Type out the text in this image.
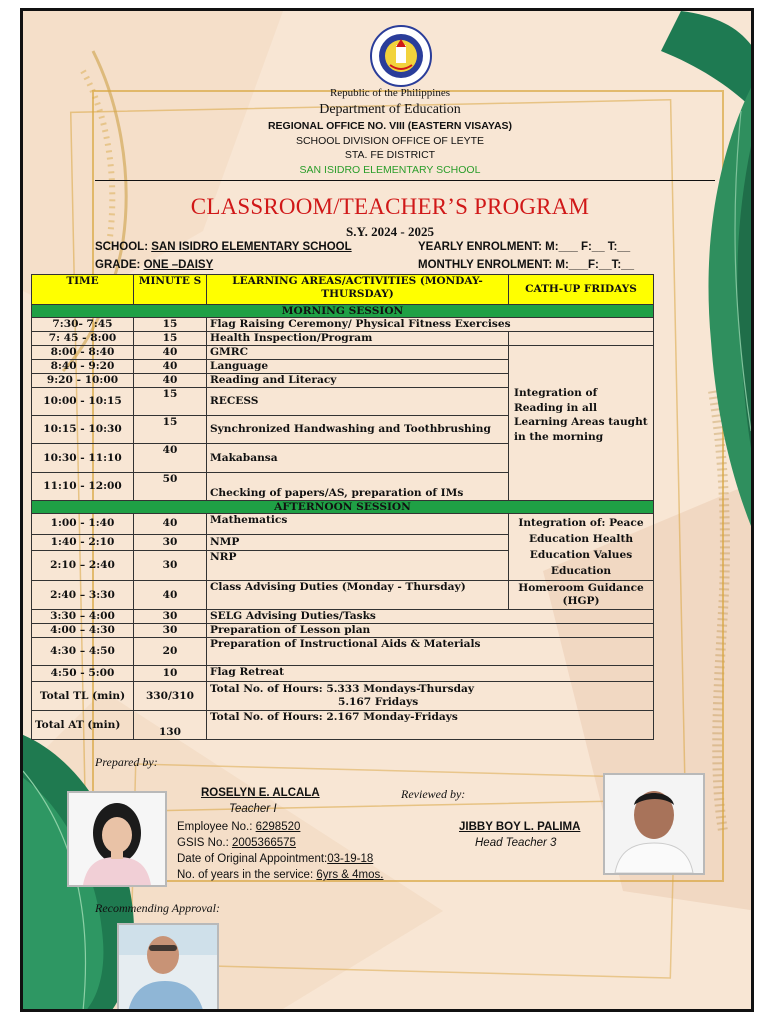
Republic of the Philippines
Department of Education
REGIONAL OFFICE NO. VIII (EASTERN VISAYAS)
SCHOOL DIVISION OFFICE OF LEYTE
STA. FE DISTRICT
SAN ISIDRO ELEMENTARY SCHOOL
CLASSROOM/TEACHER’S PROGRAM
S.Y. 2024 - 2025
SCHOOL: SAN ISIDRO ELEMENTARY SCHOOL	YEARLY ENROLMENT: M:___ F:__ T:__
GRADE: ONE –DAISY	MONTHLY ENROLMENT: M:___F:__T:__
TIME	MINUTE S	LEARNING AREAS/ACTIVITIES (MONDAY-THURSDAY)	CATH-UP FRIDAYS
MORNING SESSION			
7:30- 7:45	15	Flag Raising Ceremony/ Physical Fitness Exercises	
7: 45 - 8:00	15	Health Inspection/Program	
8:00 - 8:40	40	GMRC	Integration of Reading in all Learning Areas taught in the morning
8:40 - 9:20	40	Language	
9:20 - 10:00	40	Reading and Literacy	
10:00 - 10:15	15	RECESS	
10:15 - 10:30	15	Synchronized Handwashing and Toothbrushing	
10:30 - 11:10	40	Makabansa	
11:10 - 12:00	50	Checking of papers/AS, preparation of IMs	
AFTERNOON SESSION			
1:00 - 1:40	40	Mathematics	Integration of: Peace Education Health Education Values Education
1:40 - 2:10	30	NMP	
2:10 – 2:40	30	NRP	
2:40 – 3:30	40	Class Advising Duties (Monday - Thursday)	Homeroom Guidance (HGP)
3:30 – 4:00	30	SELG Advising Duties/Tasks	
4:00 – 4:30	30	Preparation of Lesson plan	
4:30 – 4:50	20	Preparation of Instructional Aids & Materials	
4:50 - 5:00	10	Flag Retreat	
Total TL (min)	330/310	Total No. of Hours: 5.333 Mondays-Thursday
5.167 Fridays	

Total AT (min)	130	Total No. of Hours: 2.167 Monday-Fridays	
Prepared by:
ROSELYN E. ALCALA
Teacher I
Employee No.: 6298520
GSIS No.: 2005366575
Date of Original Appointment:03-19-18
No. of years in the service: 6yrs & 4mos.
Reviewed by:
JIBBY BOY L. PALIMA
Head Teacher 3
Recommending Approval:
